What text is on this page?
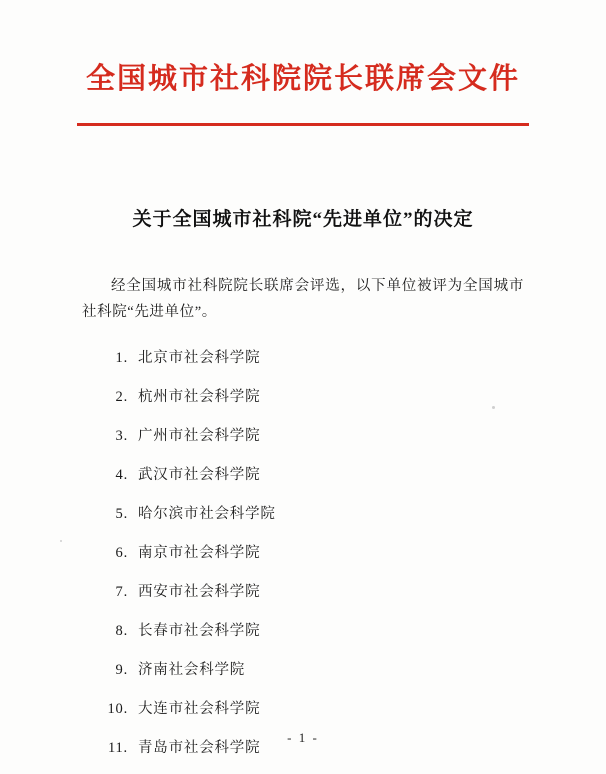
全国城市社科院院长联席会文件
关于全国城市社科院“先进单位”的决定

经全国城市社科院院长联席会评选，以下单位被评为全国城市社科院“先进单位”。

1. 北京市社会科学院
2. 杭州市社会科学院
3. 广州市社会科学院
4. 武汉市社会科学院
5. 哈尔滨市社会科学院
6. 南京市社会科学院
7. 西安市社会科学院
8. 长春市社会科学院
9. 济南社会科学院
10. 大连市社会科学院
11. 青岛市社会科学院
- 1 -
